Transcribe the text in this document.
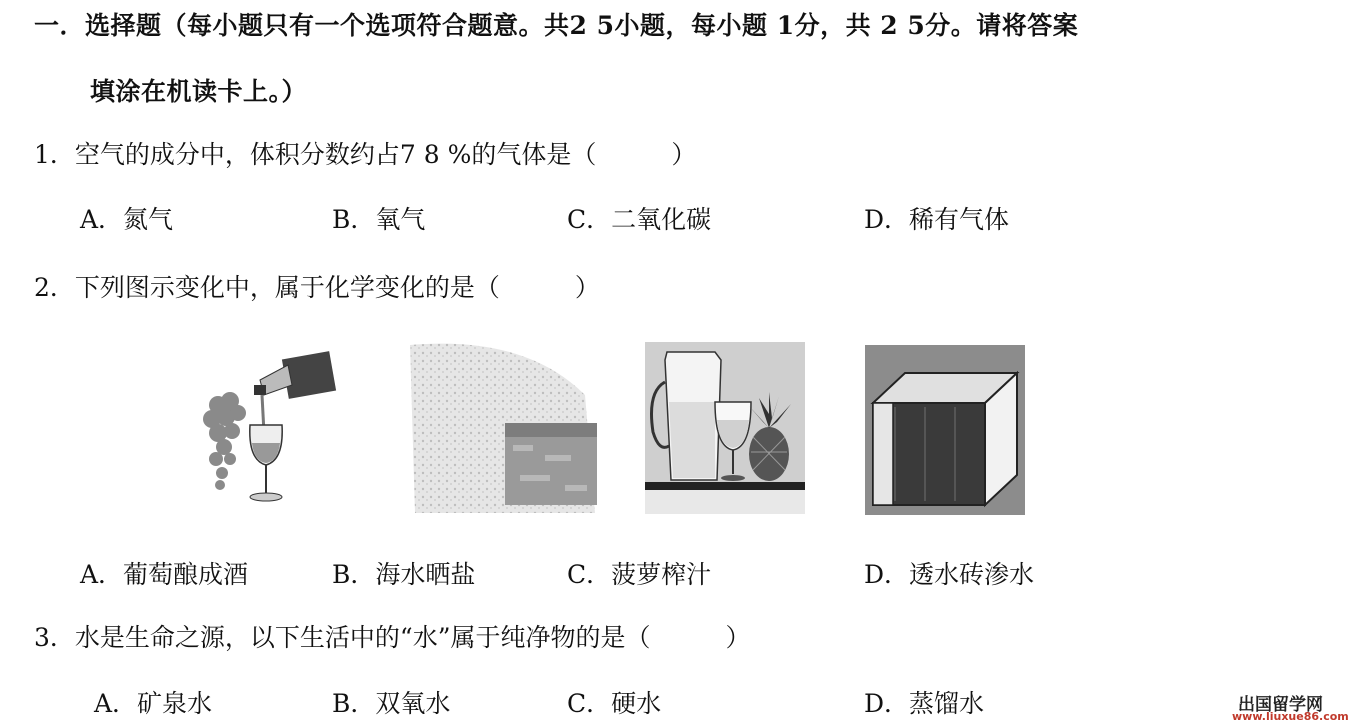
一．选择题（每小题只有一个选项符合题意。共2 5小题，每小题 1分，共 2 5分。请将答案
填涂在机读卡上。）
1．空气的成分中，体积分数约占7 8 %的气体是（　　　）
A．氮气	B．氧气	C．二氧化碳	D．稀有气体
2．下列图示变化中，属于化学变化的是（　　　）
A．葡萄酿成酒	B．海水晒盐	C．菠萝榨汁	D．透水砖渗水
3．水是生命之源，以下生活中的“水”属于纯净物的是（　　　）
A．矿泉水	B．双氧水	C．硬水	D．蒸馏水	出国留学网
www.liuxue86.com
